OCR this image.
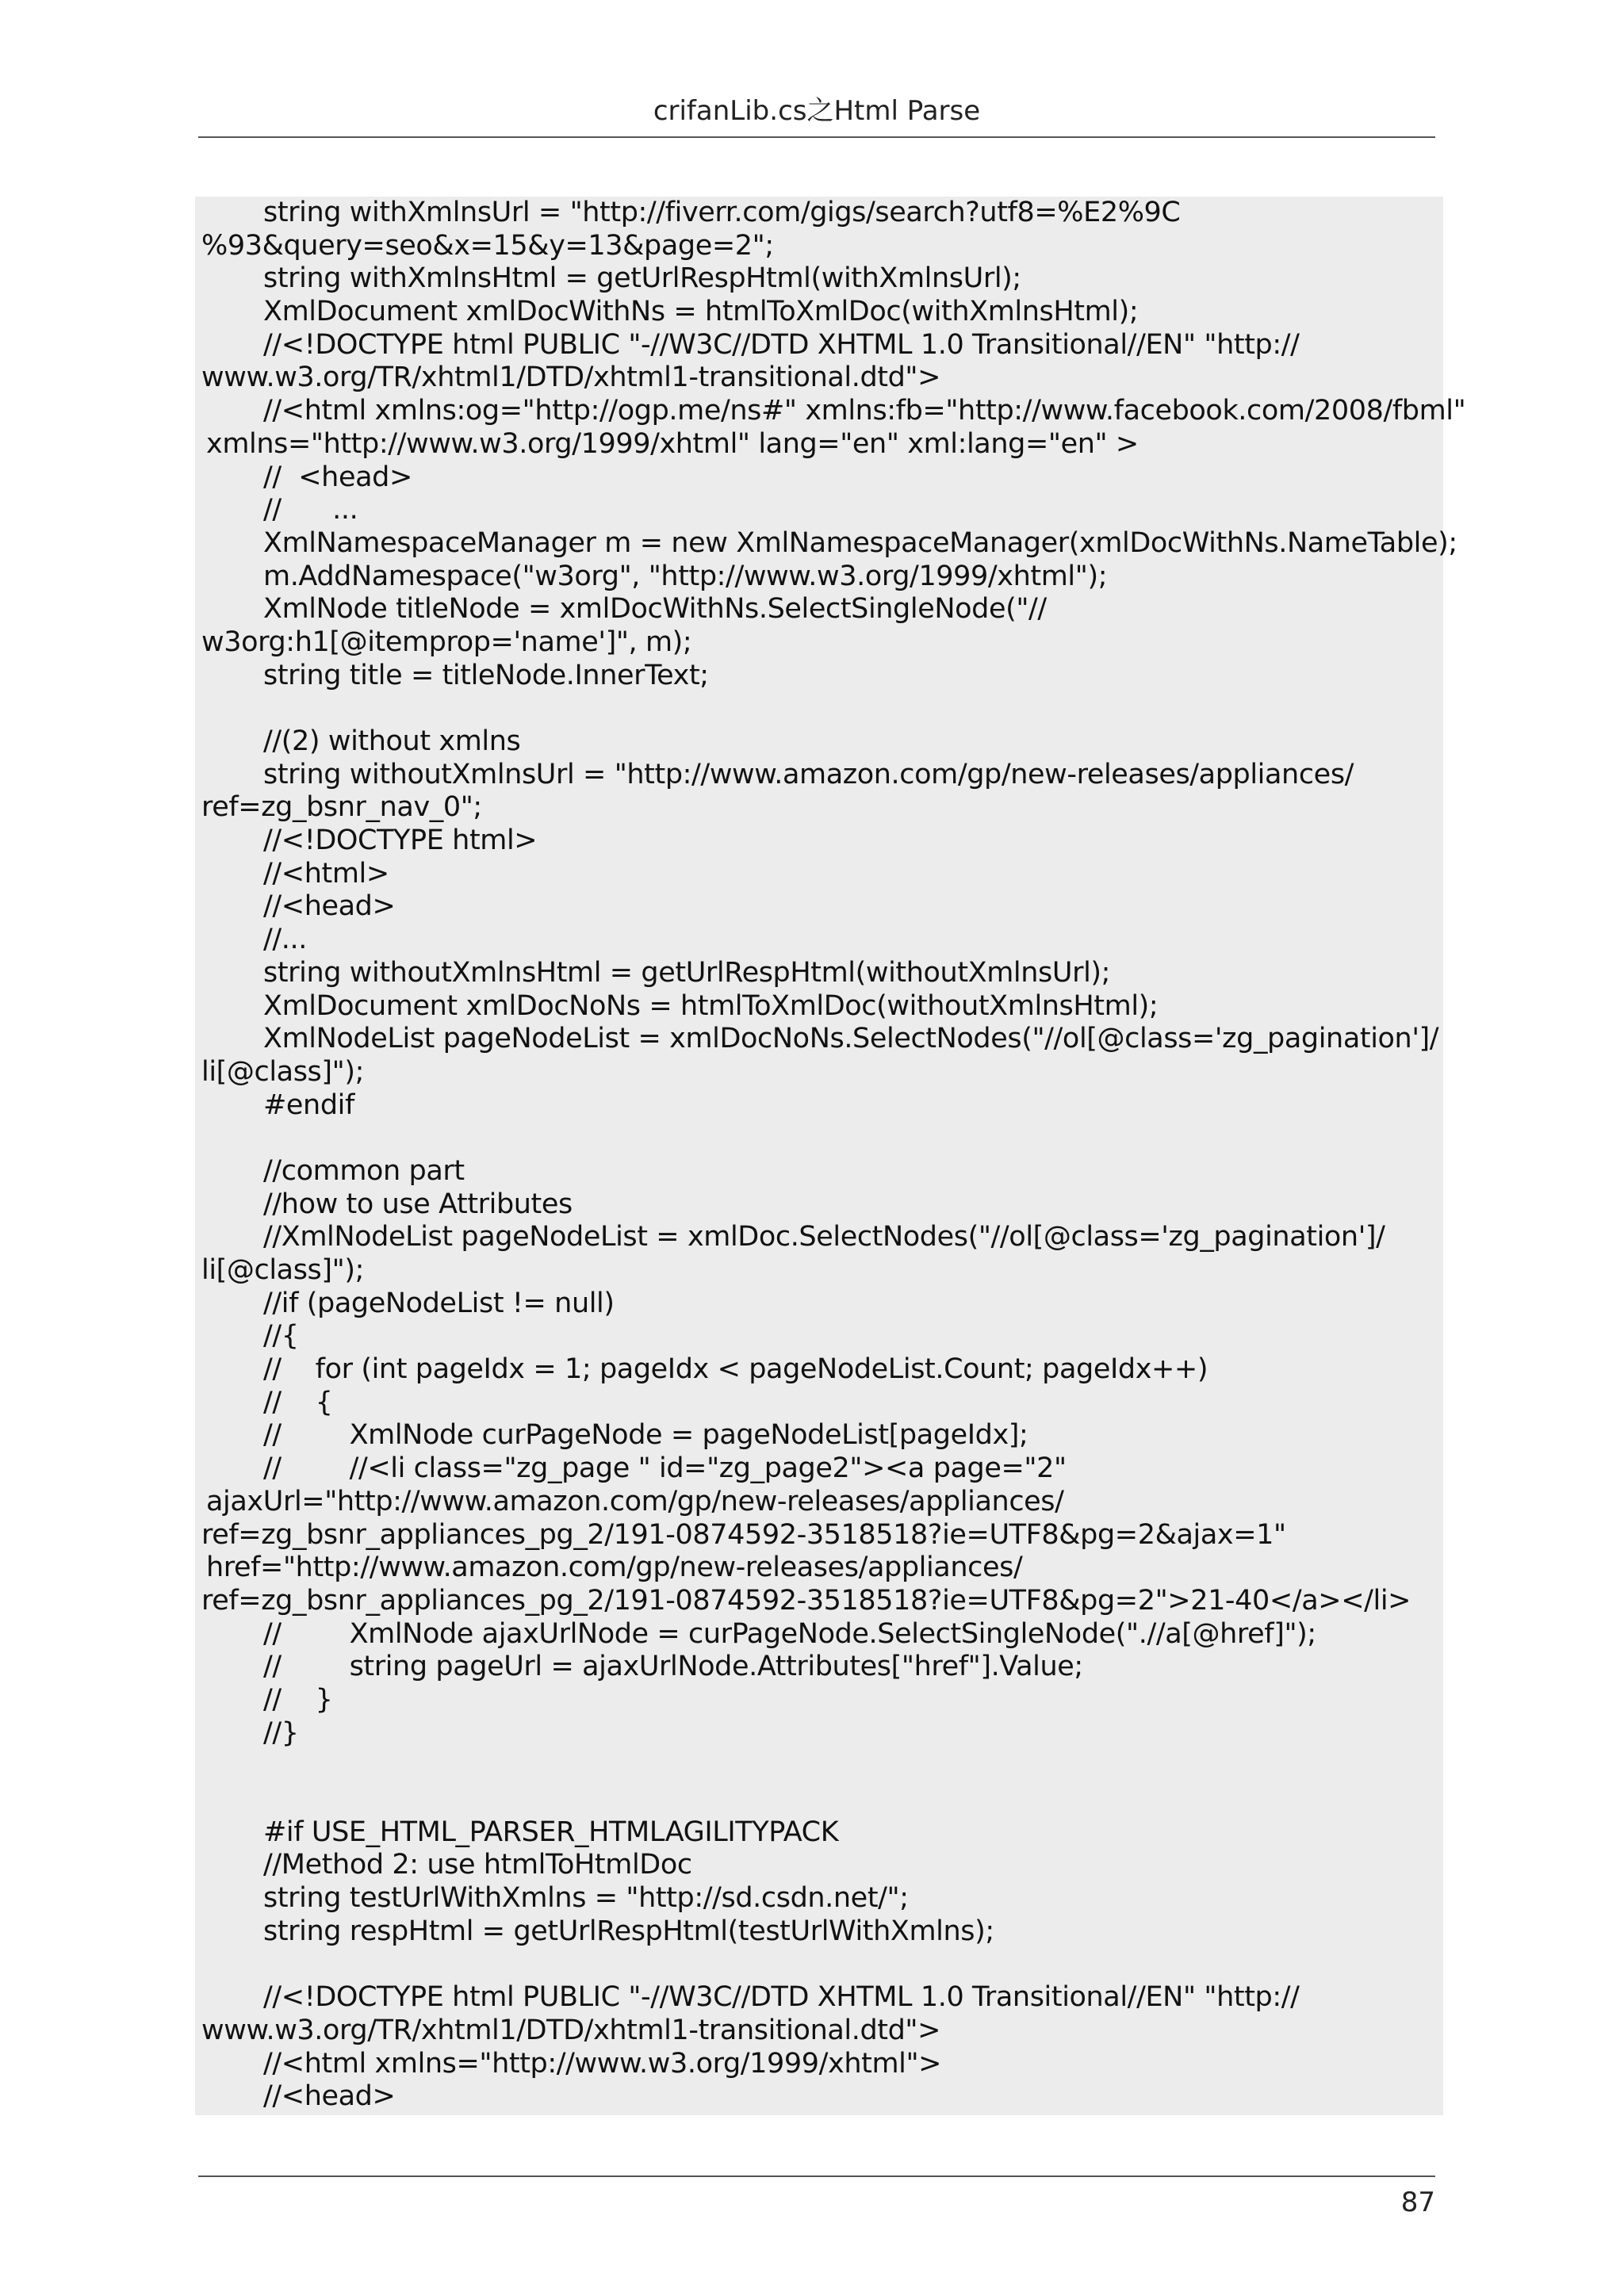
crifanLib.cs之Html Parse
string withXmlnsUrl = "http://fiverr.com/gigs/search?utf8=%E2%9C
%93&query=seo&x=15&y=13&page=2";
string withXmlnsHtml = getUrlRespHtml(withXmlnsUrl);
XmlDocument xmlDocWithNs = htmlToXmlDoc(withXmlnsHtml);
//<!DOCTYPE html PUBLIC "-//W3C//DTD XHTML 1.0 Transitional//EN" "http://
www.w3.org/TR/xhtml1/DTD/xhtml1-transitional.dtd">
//<html xmlns:og="http://ogp.me/ns#" xmlns:fb="http://www.facebook.com/2008/fbml"
xmlns="http://www.w3.org/1999/xhtml" lang="en" xml:lang="en" >
//  <head>
//      ...
XmlNamespaceManager m = new XmlNamespaceManager(xmlDocWithNs.NameTable);
m.AddNamespace("w3org", "http://www.w3.org/1999/xhtml");
XmlNode titleNode = xmlDocWithNs.SelectSingleNode("//
w3org:h1[@itemprop='name']", m);
string title = titleNode.InnerText;
//(2) without xmlns
string withoutXmlnsUrl = "http://www.amazon.com/gp/new-releases/appliances/
ref=zg_bsnr_nav_0";
//<!DOCTYPE html>
//<html>
//<head>
//...
string withoutXmlnsHtml = getUrlRespHtml(withoutXmlnsUrl);
XmlDocument xmlDocNoNs = htmlToXmlDoc(withoutXmlnsHtml);
XmlNodeList pageNodeList = xmlDocNoNs.SelectNodes("//ol[@class='zg_pagination']/
li[@class]");
#endif
//common part
//how to use Attributes
//XmlNodeList pageNodeList = xmlDoc.SelectNodes("//ol[@class='zg_pagination']/
li[@class]");
//if (pageNodeList != null)
//{
//    for (int pageIdx = 1; pageIdx < pageNodeList.Count; pageIdx++)
//    {
//        XmlNode curPageNode = pageNodeList[pageIdx];
//        //<li class="zg_page " id="zg_page2"><a page="2"
ajaxUrl="http://www.amazon.com/gp/new-releases/appliances/
ref=zg_bsnr_appliances_pg_2/191-0874592-3518518?ie=UTF8&pg=2&ajax=1"
href="http://www.amazon.com/gp/new-releases/appliances/
ref=zg_bsnr_appliances_pg_2/191-0874592-3518518?ie=UTF8&pg=2">21-40</a></li>
//        XmlNode ajaxUrlNode = curPageNode.SelectSingleNode(".//a[@href]");
//        string pageUrl = ajaxUrlNode.Attributes["href"].Value;
//    }
//}
#if USE_HTML_PARSER_HTMLAGILITYPACK
//Method 2: use htmlToHtmlDoc
string testUrlWithXmlns = "http://sd.csdn.net/";
string respHtml = getUrlRespHtml(testUrlWithXmlns);
//<!DOCTYPE html PUBLIC "-//W3C//DTD XHTML 1.0 Transitional//EN" "http://
www.w3.org/TR/xhtml1/DTD/xhtml1-transitional.dtd">
//<html xmlns="http://www.w3.org/1999/xhtml">
//<head>
87
